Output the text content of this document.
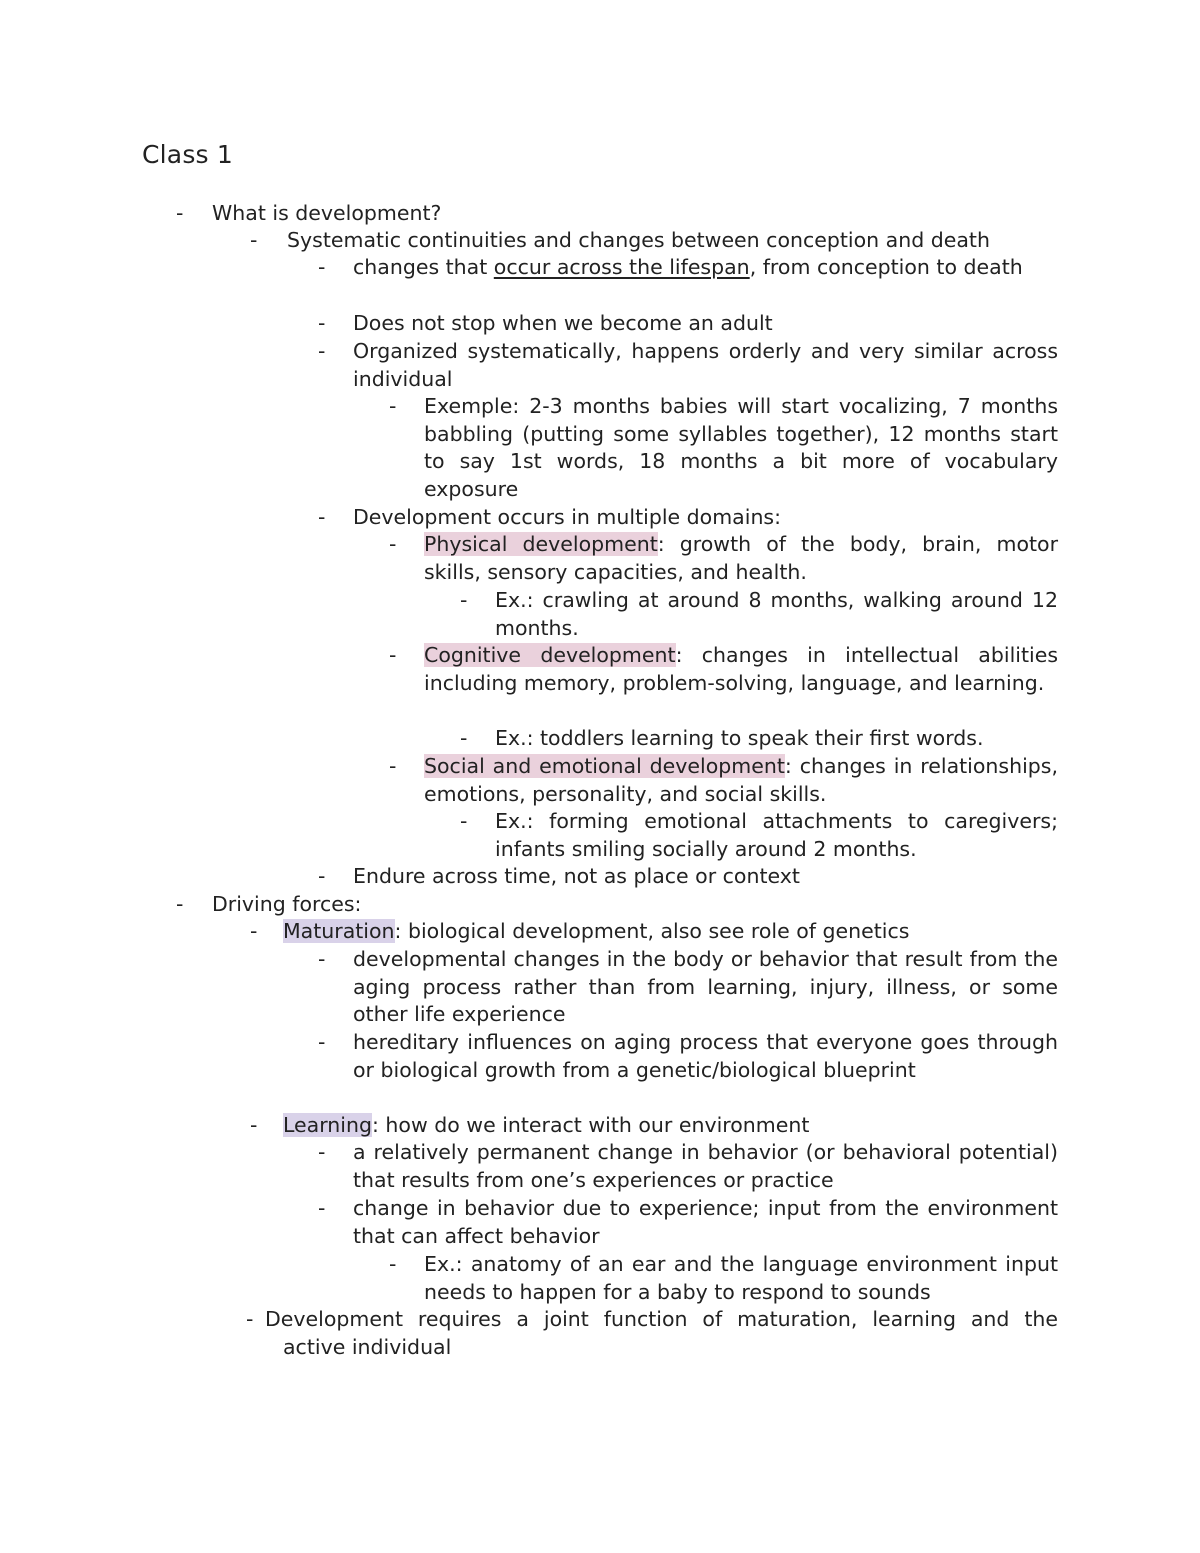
Class 1
- What is development?
- Systematic continuities and changes between conception and death
- changes that occur across the lifespan, from conception to death
- Does not stop when we become an adult
- Organized systematically, happens orderly and very similar across individual
- Exemple: 2-3 months babies will start vocalizing, 7 months babbling (putting some syllables together), 12 months start to say 1st words, 18 months a bit more of vocabulary exposure
- Development occurs in multiple domains:
- Physical development: growth of the body, brain, motor skills, sensory capacities, and health.
- Ex.: crawling at around 8 months, walking around 12 months.
- Cognitive development: changes in intellectual abilities including memory, problem-solving, language, and learning.
- Ex.: toddlers learning to speak their first words.
- Social and emotional development: changes in relationships, emotions, personality, and social skills.
- Ex.: forming emotional attachments to caregivers; infants smiling socially around 2 months.
- Endure across time, not as place or context
- Driving forces:
- Maturation: biological development, also see role of genetics
- developmental changes in the body or behavior that result from the aging process rather than from learning, injury, illness, or some other life experience
- hereditary influences on aging process that everyone goes through or biological growth from a genetic/biological blueprint
- Learning: how do we interact with our environment
- a relatively permanent change in behavior (or behavioral potential) that results from one’s experiences or practice
- change in behavior due to experience; input from the environment that can affect behavior
- Ex.: anatomy of an ear and the language environment input needs to happen for a baby to respond to sounds
- Development requires a joint function of maturation, learning and the
active individual
